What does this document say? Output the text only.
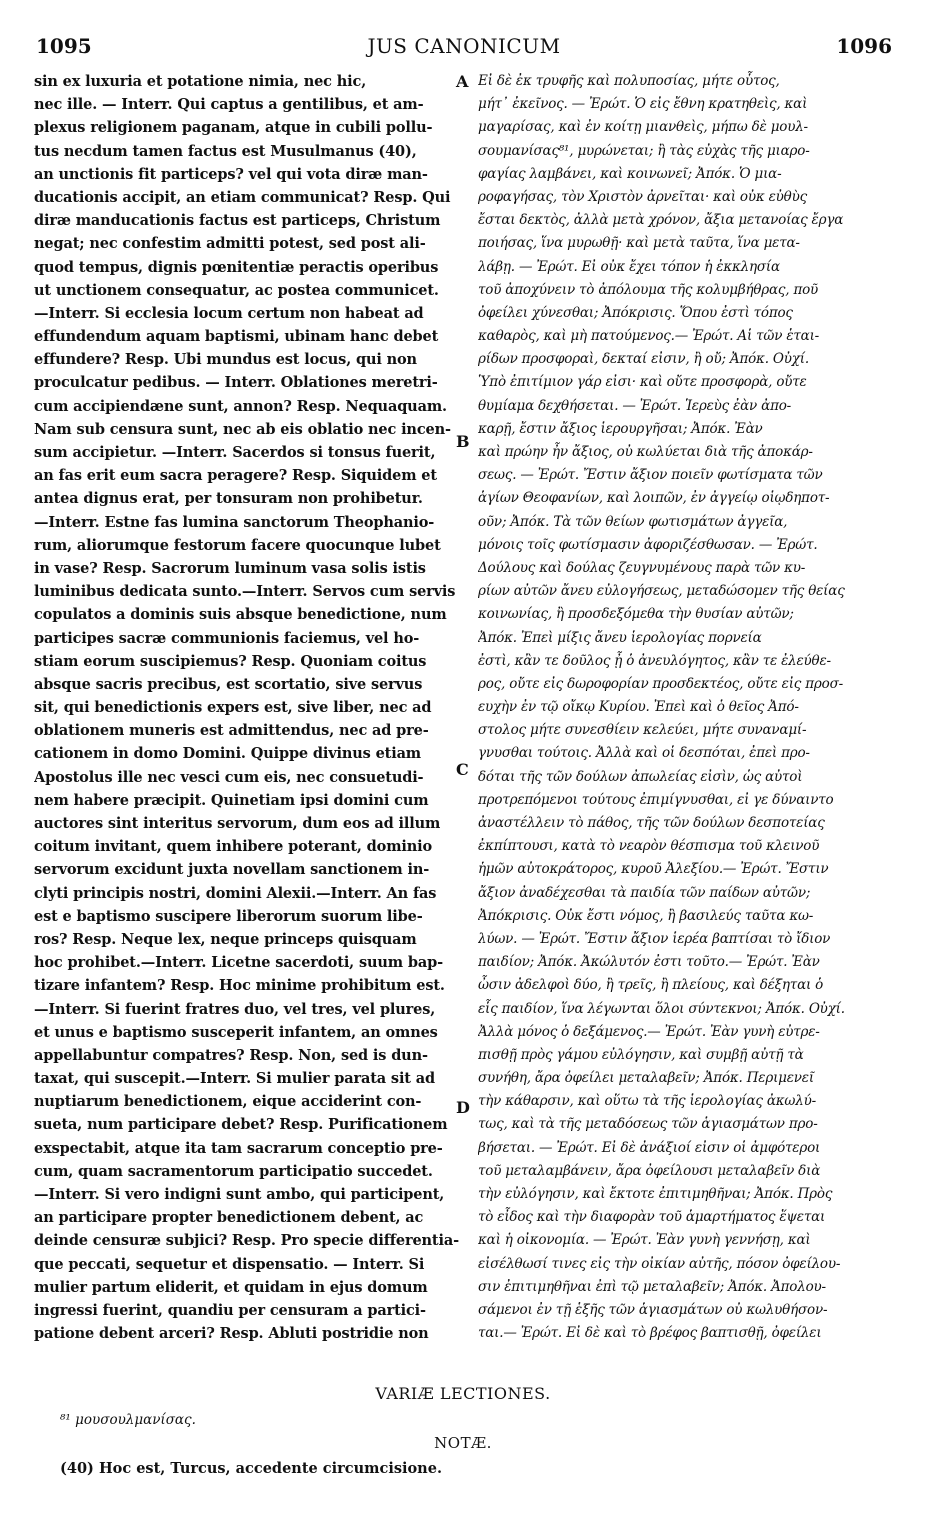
1095	JUS CANONICUM	1096
sin ex luxuria et potatione nimia, nec hic,
nec ille. — Interr. Qui captus a gentilibus, et am-
plexus religionem paganam, atque in cubili pollu-
tus necdum tamen factus est Musulmanus (40),
an unctionis fit particeps? vel qui vota diræ man-
ducationis accipit, an etiam communicat? Resp. Qui
diræ manducationis factus est particeps, Christum
negat; nec confestim admitti potest, sed post ali-
quod tempus, dignis pœnitentiæ peractis operibus
ut unctionem consequatur, ac postea communicet.
—Interr. Si ecclesia locum certum non habeat ad
effundendum aquam baptismi, ubinam hanc debet
effundere? Resp. Ubi mundus est locus, qui non
proculcatur pedibus. — Interr. Oblationes meretri-
cum accipiendæne sunt, annon? Resp. Nequaquam.
Nam sub censura sunt, nec ab eis oblatio nec incen-
sum accipietur. —Interr. Sacerdos si tonsus fuerit,
an fas erit eum sacra peragere? Resp. Siquidem et
antea dignus erat, per tonsuram non prohibetur.
—Interr. Estne fas lumina sanctorum Theophanio-
rum, aliorumque festorum facere quocunque lubet
in vase? Resp. Sacrorum luminum vasa solis istis
luminibus dedicata sunto.—Interr. Servos cum servis
copulatos a dominis suis absque benedictione, num
participes sacræ communionis faciemus, vel ho-
stiam eorum suscipiemus? Resp. Quoniam coitus
absque sacris precibus, est scortatio, sive servus
sit, qui benedictionis expers est, sive liber, nec ad
oblationem muneris est admittendus, nec ad pre-
cationem in domo Domini. Quippe divinus etiam
Apostolus ille nec vesci cum eis, nec consuetudi-
nem habere præcipit. Quinetiam ipsi domini cum
auctores sint interitus servorum, dum eos ad illum
coitum invitant, quem inhibere poterant, dominio
servorum excidunt juxta novellam sanctionem in-
clyti principis nostri, domini Alexii.—Interr. An fas
est e baptismo suscipere liberorum suorum libe-
ros? Resp. Neque lex, neque princeps quisquam
hoc prohibet.—Interr. Licetne sacerdoti, suum bap-
tizare infantem? Resp. Hoc minime prohibitum est.
—Interr. Si fuerint fratres duo, vel tres, vel plures,
et unus e baptismo susceperit infantem, an omnes
appellabuntur compatres? Resp. Non, sed is dun-
taxat, qui suscepit.—Interr. Si mulier parata sit ad
nuptiarum benedictionem, eique acciderint con-
sueta, num participare debet? Resp. Purificationem
exspectabit, atque ita tam sacrarum conceptio pre-
cum, quam sacramentorum participatio succedet.
—Interr. Si vero indigni sunt ambo, qui participent,
an participare propter benedictionem debent, ac
deinde censuræ subjici? Resp. Pro specie differentia-
que peccati, sequetur et dispensatio. — Interr. Si
mulier partum eliderit, et quidam in ejus domum
ingressi fuerint, quandiu per censuram a partici-
patione debent arceri? Resp. Abluti postridie non
Εἰ δὲ ἐκ τρυφῆς καὶ πολυποσίας, μήτε οὗτος,
μήτ᾽ ἐκεῖνος. — Ἐρώτ. Ὁ εἰς ἔθνη κρατηθεὶς, καὶ
μαγαρίσας, καὶ ἐν κοίτῃ μιανθεὶς, μήπω δὲ μουλ-
σουμανίσας⁸¹, μυρώνεται; ἢ τὰς εὐχὰς τῆς μιαρο-
φαγίας λαμβάνει, καὶ κοινωνεῖ; Ἀπόκ. Ὁ μια-
ροφαγήσας, τὸν Χριστὸν ἀρνεῖται· καὶ οὐκ εὐθὺς
ἔσται δεκτὸς, ἀλλὰ μετὰ χρόνον, ἄξια μετανοίας ἔργα
ποιήσας, ἵνα μυρωθῇ· καὶ μετὰ ταῦτα, ἵνα μετα-
λάβῃ. — Ἐρώτ. Εἰ οὐκ ἔχει τόπον ἡ ἐκκλησία
τοῦ ἀποχύνειν τὸ ἀπόλουμα τῆς κολυμβήθρας, ποῦ
ὀφείλει χύνεσθαι; Ἀπόκρισις. Ὅπου ἐστὶ τόπος
καθαρὸς, καὶ μὴ πατούμενος.— Ἐρώτ. Αἱ τῶν ἑται-
ρίδων προσφοραὶ, δεκταί εἰσιν, ἢ οὔ; Ἀπόκ. Οὐχί.
Ὑπὸ ἐπιτίμιον γάρ εἰσι· καὶ οὔτε προσφορὰ, οὔτε
θυμίαμα δεχθήσεται. — Ἐρώτ. Ἱερεὺς ἐὰν ἀπο-
καρῇ, ἔστιν ἄξιος ἱερουργῆσαι; Ἀπόκ. Ἐὰν
καὶ πρώην ἦν ἄξιος, οὐ κωλύεται διὰ τῆς ἀποκάρ-
σεως. — Ἐρώτ. Ἔστιν ἄξιον ποιεῖν φωτίσματα τῶν
ἁγίων Θεοφανίων, καὶ λοιπῶν, ἐν ἀγγείῳ οἱῳδηποτ-
οῦν; Ἀπόκ. Τὰ τῶν θείων φωτισμάτων ἀγγεῖα,
μόνοις τοῖς φωτίσμασιν ἀφοριζέσθωσαν. — Ἐρώτ.
Δούλους καὶ δούλας ζευγνυμένους παρὰ τῶν κυ-
ρίων αὐτῶν ἄνευ εὐλογήσεως, μεταδώσομεν τῆς θείας
κοινωνίας, ἢ προσδεξόμεθα τὴν θυσίαν αὐτῶν;
Ἀπόκ. Ἐπεὶ μίξις ἄνευ ἱερολογίας πορνεία
ἐστὶ, κἂν τε δοῦλος ᾖ ὁ ἀνευλόγητος, κἂν τε ἐλεύθε-
ρος, οὔτε εἰς δωροφορίαν προσδεκτέος, οὔτε εἰς προσ-
ευχὴν ἐν τῷ οἴκῳ Κυρίου. Ἐπεὶ καὶ ὁ θεῖος Ἀπό-
στολος μήτε συνεσθίειν κελεύει, μήτε συναναμί-
γνυσθαι τούτοις. Ἀλλὰ καὶ οἱ δεσπόται, ἐπεὶ προ-
δόται τῆς τῶν δούλων ἀπωλείας εἰσὶν, ὡς αὐτοὶ
προτρεπόμενοι τούτους ἐπιμίγνυσθαι, εἰ γε δύναιντο
ἀναστέλλειν τὸ πάθος, τῆς τῶν δούλων δεσποτείας
ἐκπίπτουσι, κατὰ τὸ νεαρὸν θέσπισμα τοῦ κλεινοῦ
ἡμῶν αὐτοκράτορος, κυροῦ Ἀλεξίου.— Ἐρώτ. Ἔστιν
ἄξιον ἀναδέχεσθαι τὰ παιδία τῶν παίδων αὐτῶν;
Ἀπόκρισις. Οὐκ ἔστι νόμος, ἢ βασιλεύς ταῦτα κω-
λύων. — Ἐρώτ. Ἔστιν ἄξιον ἱερέα βαπτίσαι τὸ ἴδιον
παιδίον; Ἀπόκ. Ἀκώλυτόν ἐστι τοῦτο.— Ἐρώτ. Ἐὰν
ὦσιν ἀδελφοὶ δύο, ἢ τρεῖς, ἢ πλείους, καὶ δέξηται ὁ
εἷς παιδίον, ἵνα λέγωνται ὅλοι σύντεκνοι; Ἀπόκ. Οὐχί.
Ἀλλὰ μόνος ὁ δεξάμενος.— Ἐρώτ. Ἐὰν γυνὴ εὐτρε-
πισθῇ πρὸς γάμου εὐλόγησιν, καὶ συμβῇ αὐτῇ τὰ
συνήθη, ἄρα ὀφείλει μεταλαβεῖν; Ἀπόκ. Περιμενεῖ
τὴν κάθαρσιν, καὶ οὕτω τὰ τῆς ἱερολογίας ἀκωλύ-
τως, καὶ τὰ τῆς μεταδόσεως τῶν ἁγιασμάτων προ-
βήσεται. — Ἐρώτ. Εἰ δὲ ἀνάξιοί εἰσιν οἱ ἀμφότεροι
τοῦ μεταλαμβάνειν, ἄρα ὀφείλουσι μεταλαβεῖν διὰ
τὴν εὐλόγησιν, καὶ ἔκτοτε ἐπιτιμηθῆναι; Ἀπόκ. Πρὸς
τὸ εἶδος καὶ τὴν διαφορὰν τοῦ ἁμαρτήματος ἕψεται
καὶ ἡ οἰκονομία. — Ἐρώτ. Ἐὰν γυνὴ γεννήσῃ, καὶ
εἰσέλθωσί τινες εἰς τὴν οἰκίαν αὐτῆς, πόσον ὀφείλου-
σιν ἐπιτιμηθῆναι ἐπὶ τῷ μεταλαβεῖν; Ἀπόκ. Ἀπολου-
σάμενοι ἐν τῇ ἑξῆς τῶν ἁγιασμάτων οὐ κωλυθήσον-
ται.— Ἐρώτ. Εἰ δὲ καὶ τὸ βρέφος βαπτισθῇ, ὀφείλει
A
B
C
D
VARIÆ LECTIONES.
⁸¹ μουσουλμανίσας.
NOTÆ.
(40) Hoc est, Turcus, accedente circumcisione.
